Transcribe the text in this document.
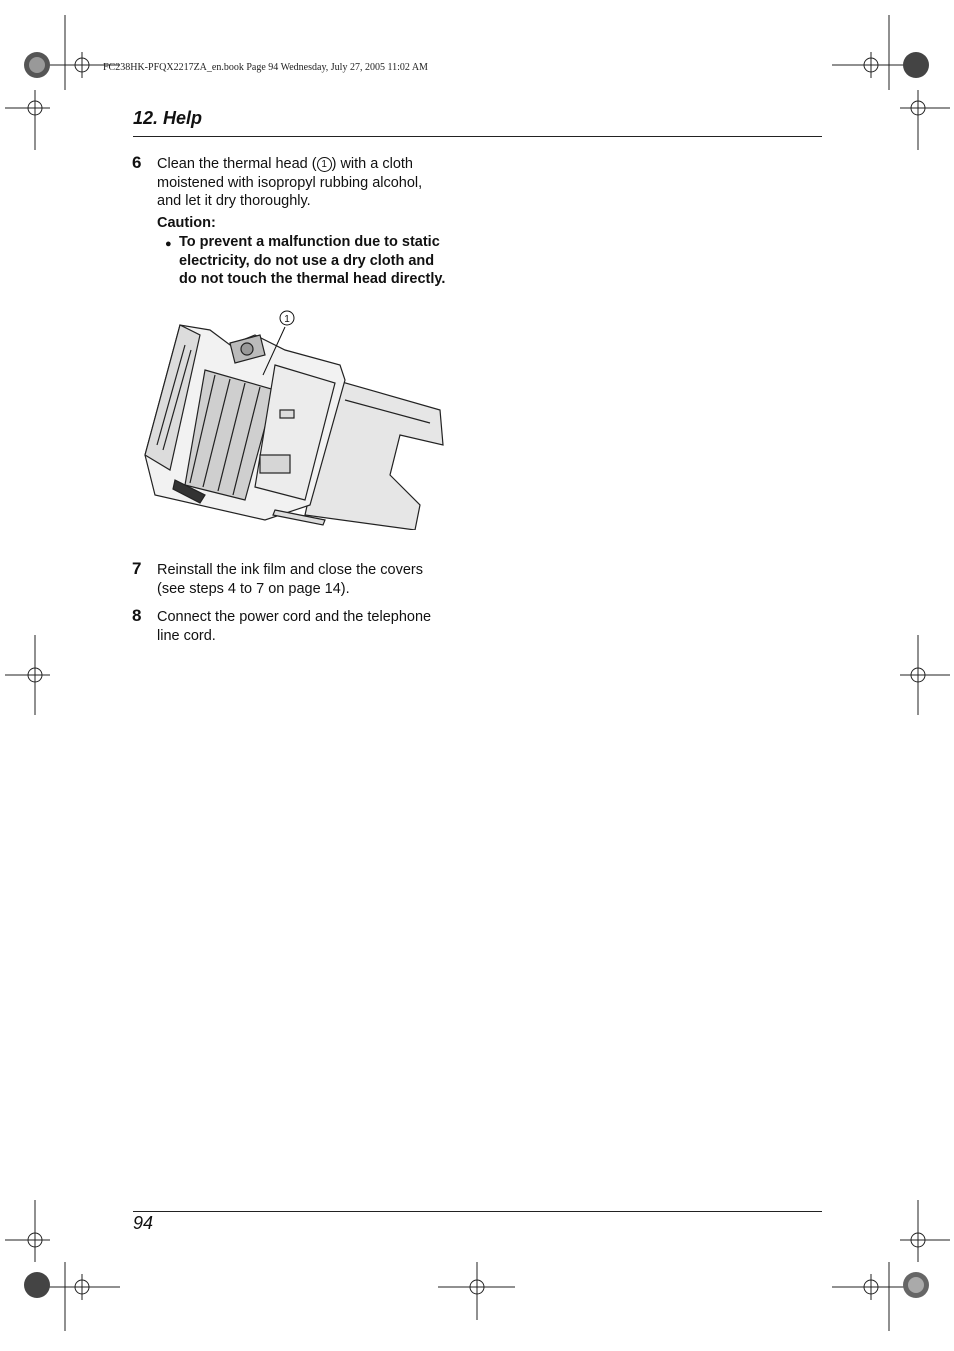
FC238HK-PFQX2217ZA_en.book Page 94 Wednesday, July 27, 2005 11:02 AM
12. Help
6 Clean the thermal head ( 1 ) with a cloth
moistened with isopropyl rubbing alcohol,
and let it dry thoroughly.
Caution:
● To prevent a malfunction due to static
electricity, do not use a dry cloth and
do not touch the thermal head directly.
1
7 Reinstall the ink film and close the covers
(see steps 4 to 7 on page 14).
8 Connect the power cord and the telephone
line cord.
94
